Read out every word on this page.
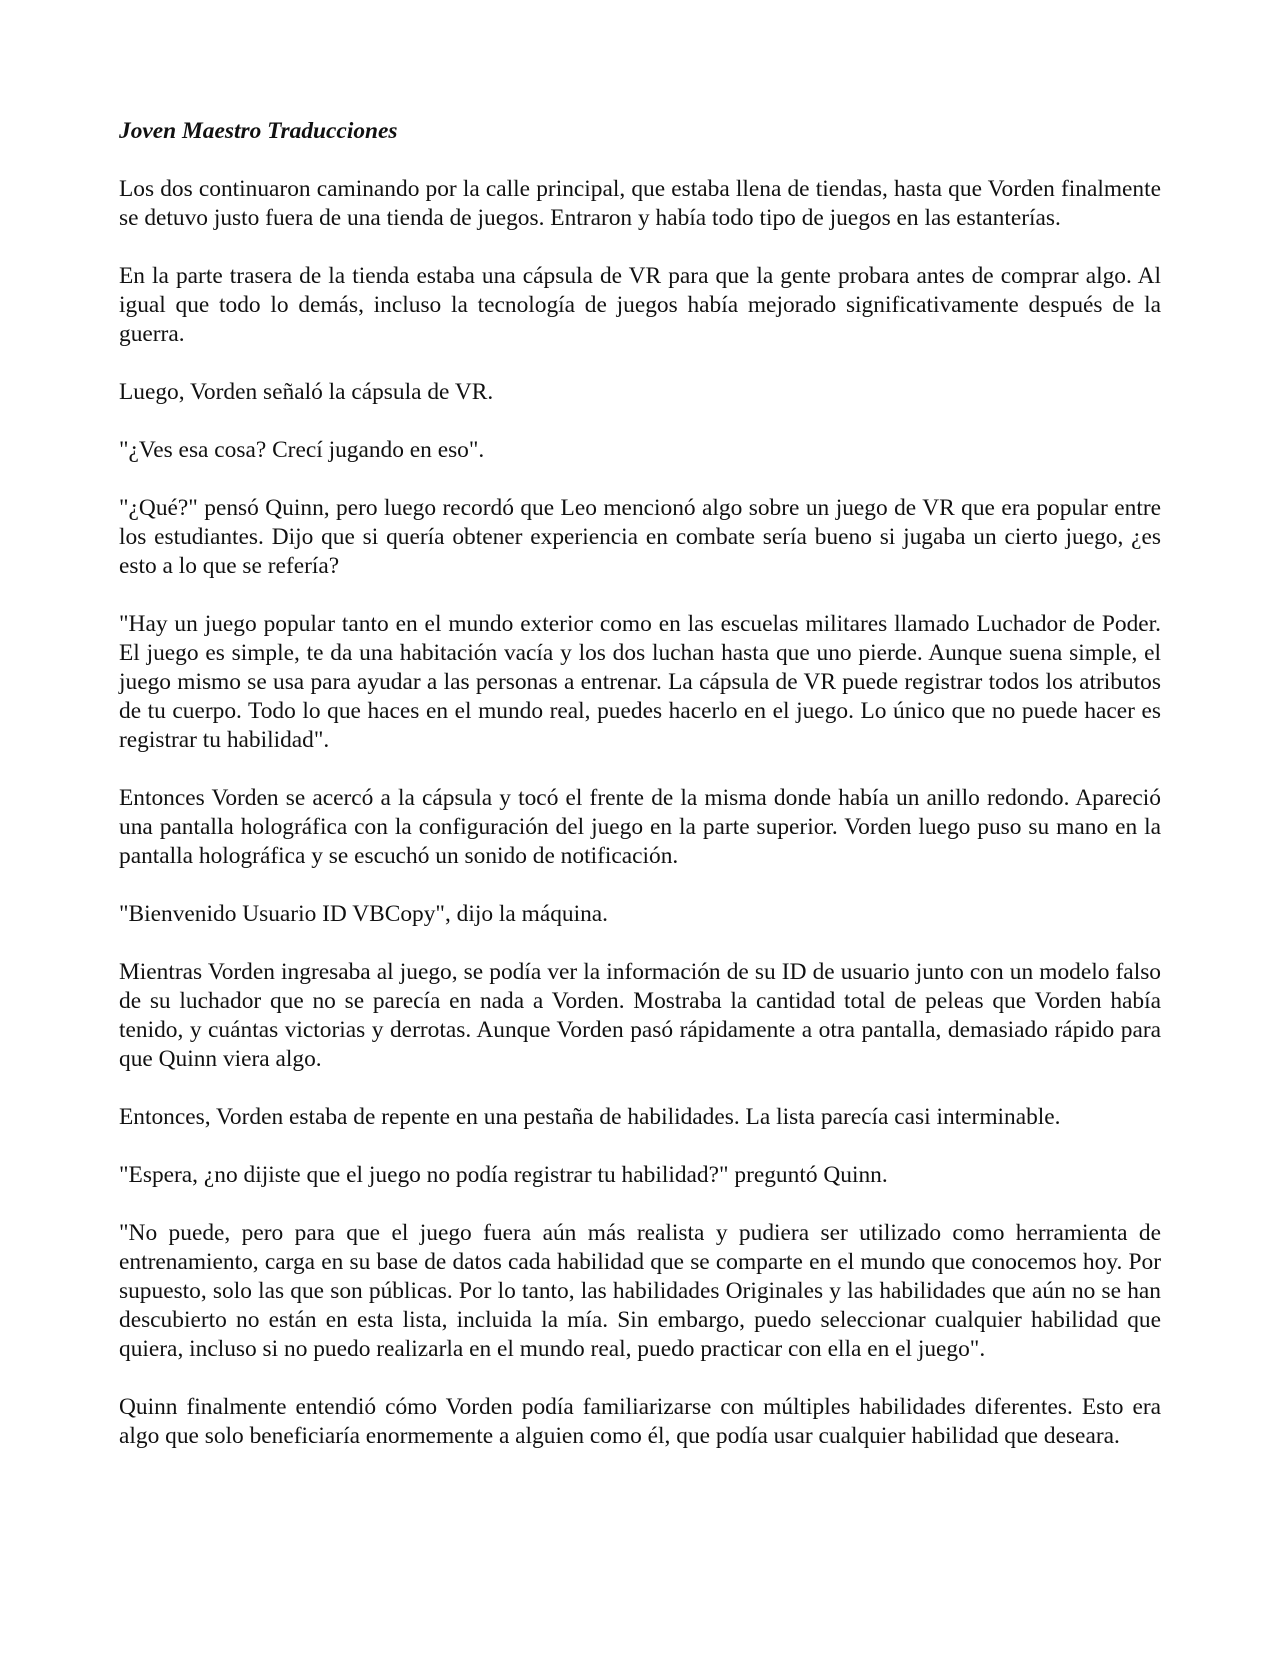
Joven Maestro Traducciones

Los dos continuaron caminando por la calle principal, que estaba llena de tiendas, hasta que Vorden finalmente se detuvo justo fuera de una tienda de juegos. Entraron y había todo tipo de juegos en las estanterías.

En la parte trasera de la tienda estaba una cápsula de VR para que la gente probara antes de comprar algo. Al igual que todo lo demás, incluso la tecnología de juegos había mejorado significativamente después de la guerra.

Luego, Vorden señaló la cápsula de VR.

"¿Ves esa cosa? Crecí jugando en eso".

"¿Qué?" pensó Quinn, pero luego recordó que Leo mencionó algo sobre un juego de VR que era popular entre los estudiantes. Dijo que si quería obtener experiencia en combate sería bueno si jugaba un cierto juego, ¿es esto a lo que se refería?

"Hay un juego popular tanto en el mundo exterior como en las escuelas militares llamado Luchador de Poder. El juego es simple, te da una habitación vacía y los dos luchan hasta que uno pierde. Aunque suena simple, el juego mismo se usa para ayudar a las personas a entrenar. La cápsula de VR puede registrar todos los atributos de tu cuerpo. Todo lo que haces en el mundo real, puedes hacerlo en el juego. Lo único que no puede hacer es registrar tu habilidad".

Entonces Vorden se acercó a la cápsula y tocó el frente de la misma donde había un anillo redondo. Apareció una pantalla holográfica con la configuración del juego en la parte superior. Vorden luego puso su mano en la pantalla holográfica y se escuchó un sonido de notificación.

"Bienvenido Usuario ID VBCopy", dijo la máquina.

Mientras Vorden ingresaba al juego, se podía ver la información de su ID de usuario junto con un modelo falso de su luchador que no se parecía en nada a Vorden. Mostraba la cantidad total de peleas que Vorden había tenido, y cuántas victorias y derrotas. Aunque Vorden pasó rápidamente a otra pantalla, demasiado rápido para que Quinn viera algo.

Entonces, Vorden estaba de repente en una pestaña de habilidades. La lista parecía casi interminable.

"Espera, ¿no dijiste que el juego no podía registrar tu habilidad?" preguntó Quinn.

"No puede, pero para que el juego fuera aún más realista y pudiera ser utilizado como herramienta de entrenamiento, carga en su base de datos cada habilidad que se comparte en el mundo que conocemos hoy. Por supuesto, solo las que son públicas. Por lo tanto, las habilidades Originales y las habilidades que aún no se han descubierto no están en esta lista, incluida la mía. Sin embargo, puedo seleccionar cualquier habilidad que quiera, incluso si no puedo realizarla en el mundo real, puedo practicar con ella en el juego".

Quinn finalmente entendió cómo Vorden podía familiarizarse con múltiples habilidades diferentes. Esto era algo que solo beneficiaría enormemente a alguien como él, que podía usar cualquier habilidad que deseara.
